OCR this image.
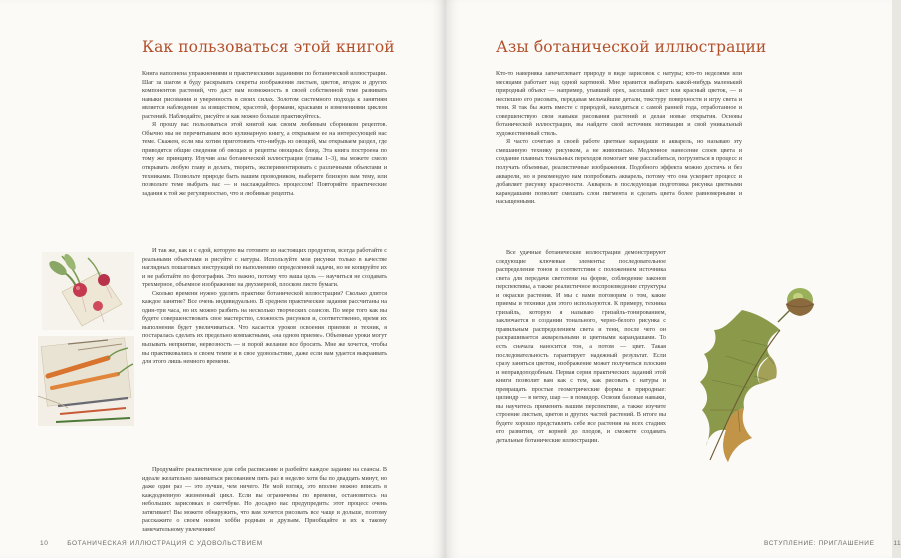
Как пользоваться этой книгой

Книга наполнена упражнениями и практическими заданиями по ботанической иллюстрации. Шаг за шагом я буду раскрывать секреты изображения листьев, цветов, ягодок и других компонентов растений, что даст вам возможность в своей собственной теме развивать навыки рисования и уверенность в своих силах. Золотом системного подхода к занятиям является наблюдение за изяществом, красотой, формами, красками и изменениями циклом растений. Наблюдайте, рисуйте и как можно больше практикуйтесь.

Я прошу вас пользоваться этой книгой как своим любимым сборником рецептов. Обычно мы не перечитываем всю кулинарную книгу, а открываем ее на интересующей нас теме. Скажем, если мы хотим приготовить что-нибудь из овощей, мы открываем раздел, где приводятся общие сведения об овощах и рецепты овощных блюд. Эта книга построена по тому же принципу. Изучив азы ботанической иллюстрации (главы 1–3), вы можете смело открывать любую главу и делать, творить, экспериментировать с различными объектами и техниками. Позвольте природе быть вашим проводником, выберите близкую вам тему, или позвольте теме выбрать вас — и наслаждайтесь процессом! Повторяйте практические задания к той же регулярностью, что и любимые рецепты.

И так же, как и с едой, которую вы готовите из настоящих продуктов, всегда работайте с реальными объектами и рисуйте с натуры. Используйте мои рисунки только в качестве наглядных пошаговых инструкций по выполнению определенной задачи, но не копируйте их и не работайте по фотографии. Это важно, потому что ваша цель — научиться не создавать трехмерное, объемное изображение на двухмерной, плоском листе бумаги.

Сколько времени нужно уделять практике ботанической иллюстрации? Сколько длится каждое занятие? Все очень индивидуально. В среднем практические задания рассчитаны на один-три часа, но их можно разбить на несколько творческих сеансов. По мере того как вы будете совершенствовать свое мастерство, сложность рисунков и, соответственно, время их выполнения будет увеличиваться. Что касается уроков освоения приемов и техник, я постаралась сделать их предельно компактными, «на одном приеме». Объемные уроки могут вызывать неприятие, нервозность — и порой желание все бросить. Мне же хочется, чтобы вы практиковались в своем темпе и в свое удовольствие, даже если вам удается выкраивать для этого лишь немного времени.

Продумайте реалистичное для себя расписание и разбейте каждое задание на сеансы. В идеале желательно заниматься рисованием пять раз в неделю хотя бы по двадцать минут, но даже один раз — это лучше, чем ничего. Не мой взгляд, это вполне можно вписать в каждодневную жизненный цикл. Если вы ограничены по времени, остановитесь на небольших зарисовках в скетчбуке. Но досадно вас предупредить: этот процесс очень затягивает! Вы можете обнаружить, что вам хочется рисовать все чаще и дольше, поэтому расскажите о своем новом хобби родным и друзьям. Приобщайте и их к такому замечательному увлечению!

10	БОТАНИЧЕСКАЯ ИЛЛЮСТРАЦИЯ С УДОВОЛЬСТВИЕМ
Азы ботанической иллюстрации

Кто-то наверняка запечатлевает природу в виде зарисовок с натуры; кто-то неделями или месяцами работает над одной картиной. Мне нравится выбирать какой-нибудь маленький природный объект — например, упавший орех, засохший лист или красный цветок, — и неспешно его рисовать, передавая мельчайшие детали, текстуру поверхности и игру света и тени. Я так бы жить вместе с природой, находиться с самой ранней года, отработанное и совершенствую свои навыки рисования растений и делая новые открытия. Основы ботанической иллюстрации, вы найдете свой источник мотивации и свой уникальный художественный стиль.

Я часто сочетаю в своей работе цветные карандаши и акварель, но называю эту смешанную технику рисунком, а не живописью. Медленное нанесение слоев цвета и создание плавных тональных переходов помогает мне расслабиться, погрузиться в процесс и получать объемные, реалистичные изображения. Подобного эффекта можно достичь и без акварели, но я рекомендую вам попробовать акварель, потому что она ускоряет процесс и добавляет рисунку красочности. Акварель в последующая подготовка рисунка цветными карандашами позволит смешать слои пигмента и сделать цвета более равномерными и насыщенными.

Все удачные ботанические иллюстрации демонстрируют следующие ключевые элементы: последовательное распределение тонов в соответствии с положением источника света для передачи светотени на форме, соблюдение законов перспективы, а также реалистичное воспроизведение структуры и окраски растения. И мы с вами поговорим о том, какие приемы и техники для этого используются. К примеру, техника гризайль, которую я называю гризайль-тонированием, заключается в создании тонального, черно-белого рисунка с правильным распределением света и тени, после чего он раскрашивается акварельными и цветными карандашами. То есть сначала наносится тон, а потом — цвет. Такая последовательность гарантирует надежный результат. Если сразу заняться цветом, изображение может получиться плоским и неправдоподобным. Первая серия практических заданий этой книги позволит вам как с тем, как рисовать с натуры и превращать простые геометрические формы в природные: цилиндр — в ветку, шар — в помидор. Освоив базовые навыки, вы научитесь применять вашим перспективе, а также изучите строение листьев, цветов и других частей растений. В итоге вы будете хорошо представлять себе все растения на всех стадиях его развития, от корней до плодов, и сможете создавать детальные ботанические иллюстрации.

ВСТУПЛЕНИЕ: ПРИГЛАШЕНИЕ	11
